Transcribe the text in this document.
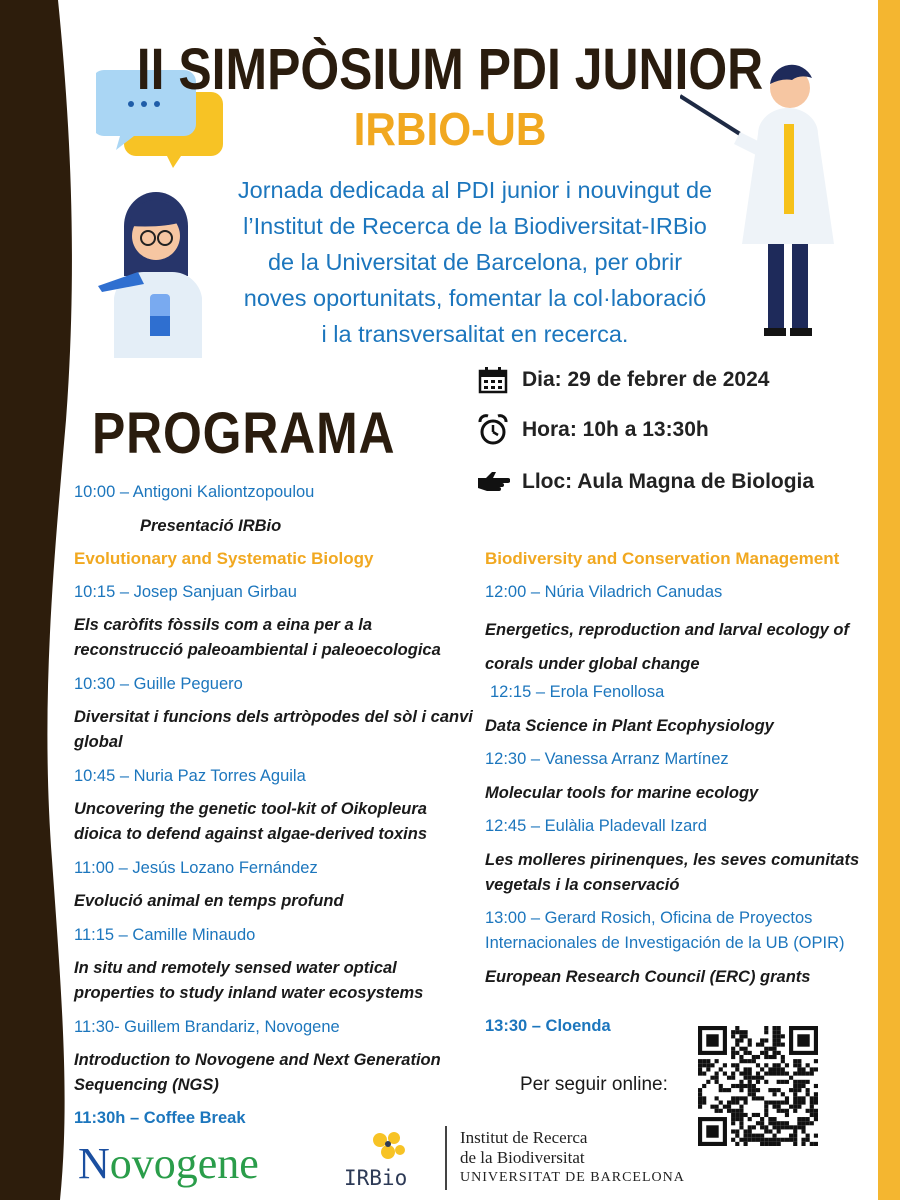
II SIMPÒSIUM PDI JUNIOR
IRBIO-UB
Jornada dedicada al PDI junior i nouvingut de
l’Institut de Recerca de la Biodiversitat-IRBio
de la Universitat de Barcelona, per obrir
noves oportunitats, fomentar la col·laboració
i la transversalitat en recerca.
Dia: 29 de febrer de 2024
Hora: 10h a 13:30h
Lloc: Aula Magna de Biologia
PROGRAMA
10:00 – Antigoni Kaliontzopoulou
Presentació IRBio
Evolutionary and Systematic Biology
10:15 – Josep Sanjuan Girbau
Els caròfits fòssils com a eina per a la reconstrucció paleoambiental i paleoecologica
10:30 – Guille Peguero
Diversitat i funcions dels artròpodes del sòl i canvi global
10:45 – Nuria Paz Torres Aguila
Uncovering the genetic tool-kit of Oikopleura dioica to defend against algae-derived toxins
11:00 – Jesús Lozano Fernández
Evolució animal en temps profund
11:15 – Camille Minaudo
In situ and remotely sensed water optical properties to study inland water ecosystems
11:30- Guillem Brandariz, Novogene
Introduction to Novogene and Next Generation Sequencing (NGS)
11:30h – Coffee Break
Biodiversity and Conservation Management
12:00 – Núria Viladrich Canudas
Energetics, reproduction and larval ecology of corals under global change
12:15 – Erola Fenollosa
Data Science in Plant Ecophysiology
12:30 – Vanessa Arranz Martínez
Molecular tools for marine ecology
12:45 – Eulàlia Pladevall Izard
Les molleres pirinenques, les seves comunitats vegetals i la conservació
13:00 – Gerard Rosich, Oficina de Proyectos Internacionales de Investigación de la UB (OPIR)
European Research Council (ERC) grants
13:30 – Cloenda
Per seguir online:
Novogene	IRBio
Institut de Recerca
de la Biodiversitat
UNIVERSITAT DE BARCELONA
